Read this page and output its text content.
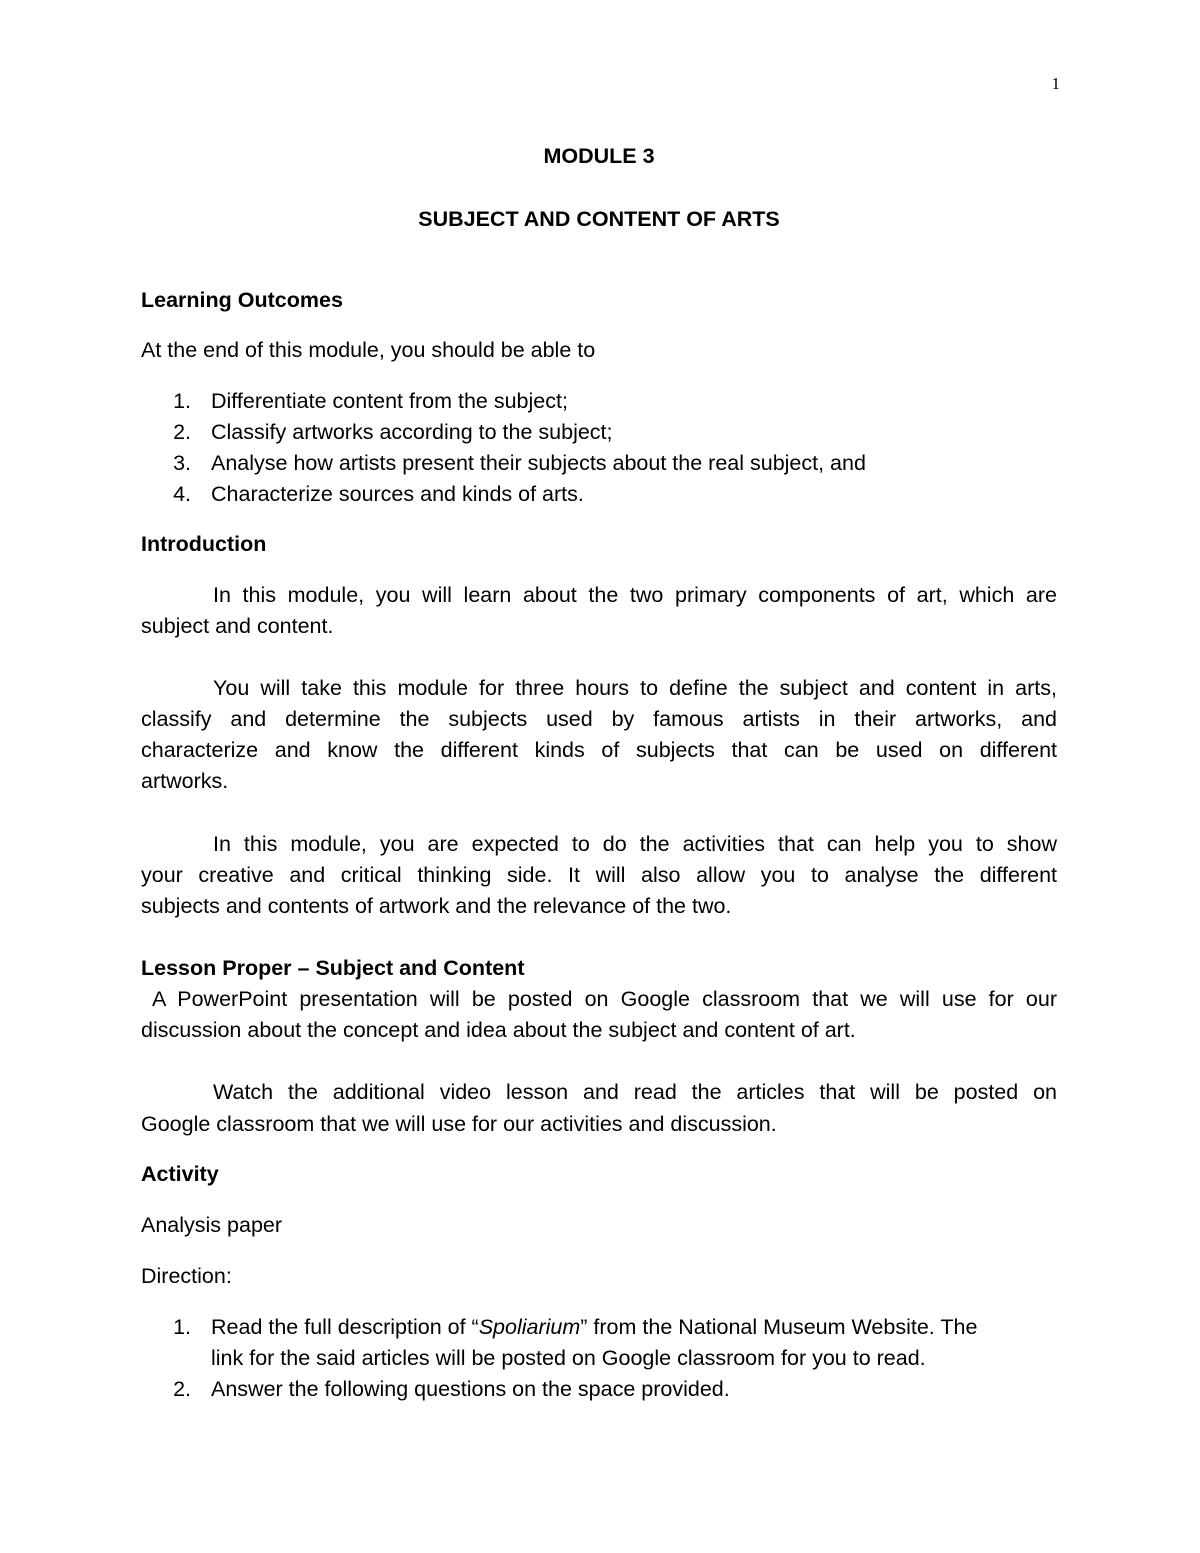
1
MODULE 3
SUBJECT AND CONTENT OF ARTS
Learning Outcomes
At the end of this module, you should be able to
1. Differentiate content from the subject;
2. Classify artworks according to the subject;
3. Analyse how artists present their subjects about the real subject, and
4. Characterize sources and kinds of arts.
Introduction
In this module, you will learn about the two primary components of art, which are
subject and content.
You will take this module for three hours to define the subject and content in arts,
classify and determine the subjects used by famous artists in their artworks, and
characterize and know the different kinds of subjects that can be used on different
artworks.
In this module, you are expected to do the activities that can help you to show
your creative and critical thinking side. It will also allow you to analyse the different
subjects and contents of artwork and the relevance of the two.
Lesson Proper – Subject and Content
A PowerPoint presentation will be posted on Google classroom that we will use for our
discussion about the concept and idea about the subject and content of art.
Watch the additional video lesson and read the articles that will be posted on
Google classroom that we will use for our activities and discussion.
Activity
Analysis paper
Direction:
1. Read the full description of “Spoliarium” from the National Museum Website. The
link for the said articles will be posted on Google classroom for you to read.
2. Answer the following questions on the space provided.
